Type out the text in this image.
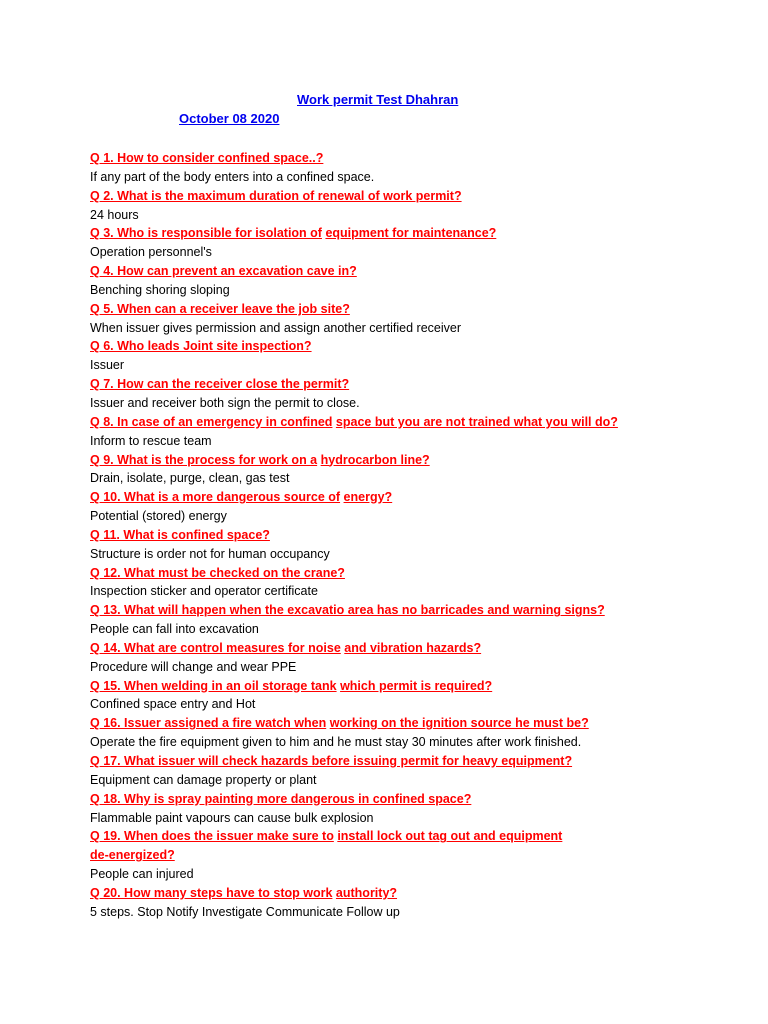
Work permit Test Dhahran
October 08 2020
Q 1. How to consider confined space..?
If any part of the body enters into a confined space.
Q 2. What is the maximum duration of renewal of work permit?
24 hours
Q 3. Who is responsible for isolation of equipment for maintenance?
Operation personnel's
Q 4. How can prevent an excavation cave in?
Benching shoring sloping
Q 5. When can a receiver leave the job site?
When issuer gives permission and assign another certified receiver
Q 6. Who leads Joint site inspection?
Issuer
Q 7. How can the receiver close the permit?
Issuer and receiver both sign the permit to close.
Q 8. In case of an emergency in confined space but you are not trained what you will do?
Inform to rescue team
Q 9. What is the process for work on a hydrocarbon line?
Drain, isolate, purge, clean, gas test
Q 10. What is a more dangerous source of energy?
Potential (stored) energy
Q 11. What is confined space?
Structure is order not for human occupancy
Q 12. What must be checked on the crane?
Inspection sticker and operator certificate
Q 13. What will happen when the excavatio area has no barricades and warning signs?
People can fall into excavation
Q 14. What are control measures for noise and vibration hazards?
Procedure will change and wear PPE
Q 15. When welding in an oil storage tank which permit is required?
Confined space entry and Hot
Q 16. Issuer assigned a fire watch when working on the ignition source he must be?
Operate the fire equipment given to him and he must stay 30 minutes after work finished.
Q 17. What issuer will check hazards before issuing permit for heavy equipment?
Equipment can damage property or plant
Q 18. Why is spray painting more dangerous in confined space?
Flammable paint vapours can cause bulk explosion
Q 19. When does the issuer make sure to install lock out tag out and equipment
de-energized?
People can injured
Q 20. How many steps have to stop work authority?
5 steps. Stop Notify Investigate Communicate Follow up
